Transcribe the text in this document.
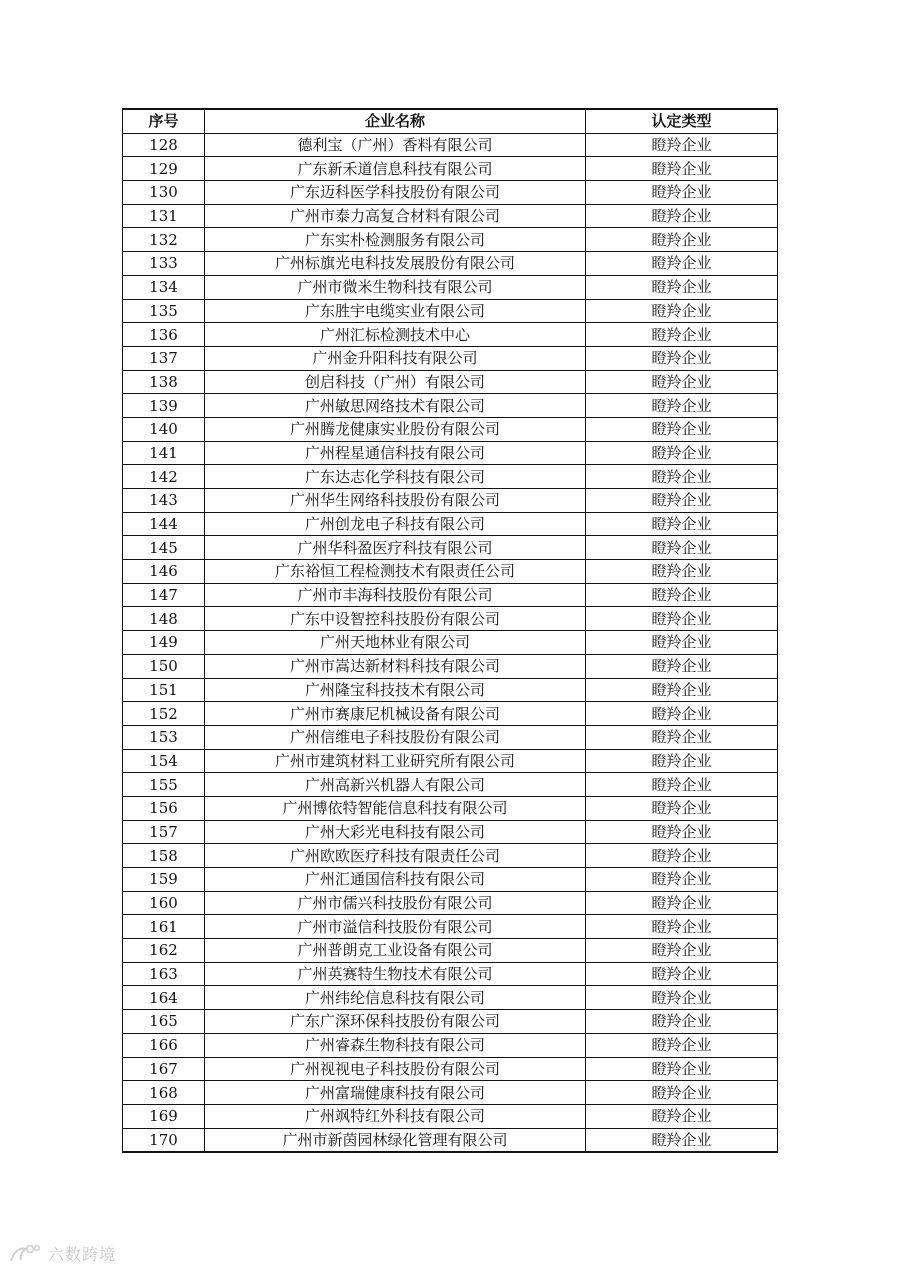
序号	企业名称	认定类型
128	德利宝（广州）香料有限公司	瞪羚企业
129	广东新禾道信息科技有限公司	瞪羚企业
130	广东迈科医学科技股份有限公司	瞪羚企业
131	广州市泰力高复合材料有限公司	瞪羚企业
132	广东实朴检测服务有限公司	瞪羚企业
133	广州标旗光电科技发展股份有限公司	瞪羚企业
134	广州市微米生物科技有限公司	瞪羚企业
135	广东胜宇电缆实业有限公司	瞪羚企业
136	广州汇标检测技术中心	瞪羚企业
137	广州金升阳科技有限公司	瞪羚企业
138	创启科技（广州）有限公司	瞪羚企业
139	广州敏思网络技术有限公司	瞪羚企业
140	广州腾龙健康实业股份有限公司	瞪羚企业
141	广州程星通信科技有限公司	瞪羚企业
142	广东达志化学科技有限公司	瞪羚企业
143	广州华生网络科技股份有限公司	瞪羚企业
144	广州创龙电子科技有限公司	瞪羚企业
145	广州华科盈医疗科技有限公司	瞪羚企业
146	广东裕恒工程检测技术有限责任公司	瞪羚企业
147	广州市丰海科技股份有限公司	瞪羚企业
148	广东中设智控科技股份有限公司	瞪羚企业
149	广州天地林业有限公司	瞪羚企业
150	广州市嵩达新材料科技有限公司	瞪羚企业
151	广州隆宝科技技术有限公司	瞪羚企业
152	广州市赛康尼机械设备有限公司	瞪羚企业
153	广州信维电子科技股份有限公司	瞪羚企业
154	广州市建筑材料工业研究所有限公司	瞪羚企业
155	广州高新兴机器人有限公司	瞪羚企业
156	广州博依特智能信息科技有限公司	瞪羚企业
157	广州大彩光电科技有限公司	瞪羚企业
158	广州欧欧医疗科技有限责任公司	瞪羚企业
159	广州汇通国信科技有限公司	瞪羚企业
160	广州市儒兴科技股份有限公司	瞪羚企业
161	广州市溢信科技股份有限公司	瞪羚企业
162	广州普朗克工业设备有限公司	瞪羚企业
163	广州英赛特生物技术有限公司	瞪羚企业
164	广州纬纶信息科技有限公司	瞪羚企业
165	广东广深环保科技股份有限公司	瞪羚企业
166	广州睿森生物科技有限公司	瞪羚企业
167	广州视视电子科技股份有限公司	瞪羚企业
168	广州富瑞健康科技有限公司	瞪羚企业
169	广州飒特红外科技有限公司	瞪羚企业
170	广州市新茵园林绿化管理有限公司	瞪羚企业
六数跨境
